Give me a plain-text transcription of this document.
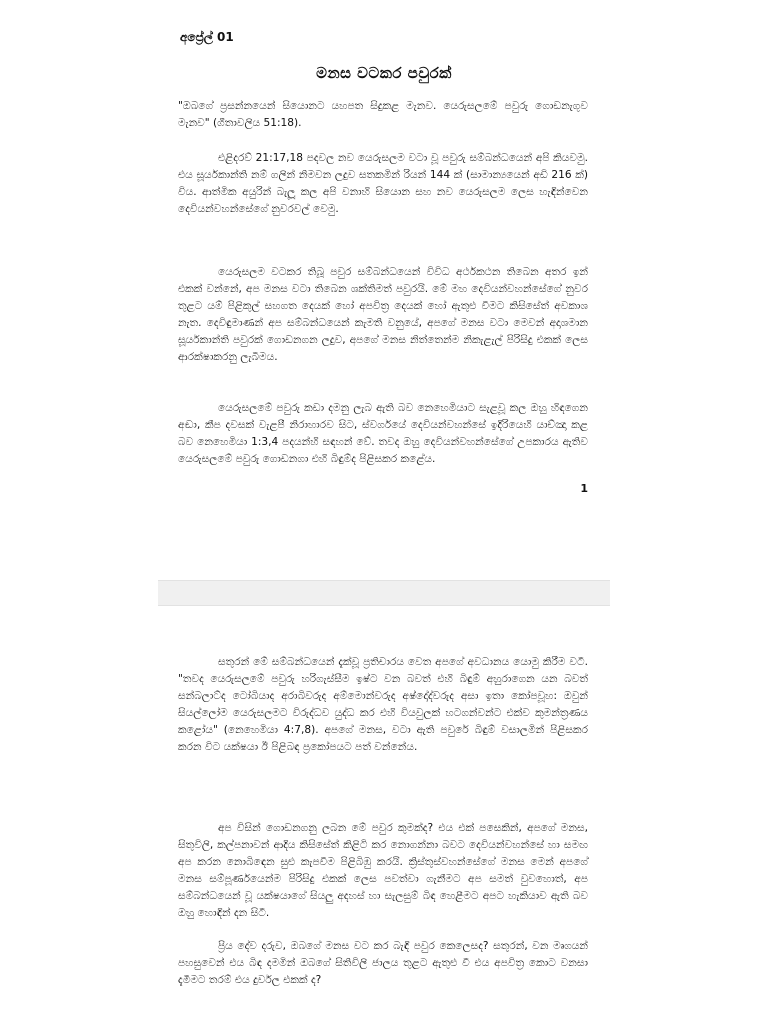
අප්‍රේල් 01
මනස වටකර පවුරක්

"ඔබගේ ප්‍රසන්නයෙන් සියොනට යහපත සිදුකළ මැනව. යෙරුසලමේ පවුරු ගොඩනැගුව මැනව" (ගීතාවලිය 51:18).

එළිදරව් 21:17,18 පදවල නව යෙරුසලම වටා වූ පවුරු සම්බන්ධයෙන් අපි කියවමු. එය සූර්යකාන්ති නම් ගලින් නිමවන ලදුව සතකමින් රියන් 144 ක් (සාමාන්‍යයෙන් අඩි 216 ක්) විය. ආත්මික අයුරින් බැලූ කල අපි වනාහි සියොන සහ නව යෙරුසලම ලෙස හැඳින්වෙන දෙවියන්වහන්සේගේ නුවරවල් වෙමු.

යෙරුසලම වටකර තිබූ පවුර සම්බන්ධයෙන් විවිධ අර්ථකථන තිබෙන අතර ඉන් එකක් වන්නේ, අප මනස වටා තිබෙන ශක්තිමත් පවුරයි. මේ මහ දෙවියන්වහන්සේගේ නුවර තුළට යම් පිළිකුල් සහගත දෙයක් හෝ අපවිත්‍ර දෙයක් හෝ ඇතුළු වීමට කිසිසේත් අවකාශ නැත. දෙවිඳුමාණන් අප සම්බන්ධයෙන් කැමති වනුයේ, අපගේ මනස වටා මෙවන් අදාශමාන සූර්යකාන්ති පවුරක් ගොඩනගන ලදුව, අපගේ මනස නිත්තෙන්ම නිකැළැල් පිරිසිදු එකක් ලෙස ආරක්ෂාකරනු ලැබීමය.

යෙරුසලමේ පවුරු කඩා දමනු ලැබ ඇති බව නෙහෙමියාට සැළවූ කල ඔහු හිඳගෙන අඬා, කීප දවසක් වැළපී නිරාහාරව සිට, ස්වර්ගයේ දෙවියන්වහන්සේ ඉදිරියෙහි යාච්ඤා කළ බව නෙහෙමියා 1:3,4 පදයන්හි සඳහන් වේ. තවද ඔහු දෙවියන්වහන්සේගේ උපකාරය ඇතිව යෙරුසලමේ පවුරු ගොඩනගා එහි බිඳුම්ද පිළිසකර කළේය.

1

සතුරන් මේ සම්බන්ධයෙන් දැක්වූ ප්‍රතිචාරය වෙත අපගේ අවධානය යොමු කිරීම වටී. "තවද යෙරුසලමේ පවුරු හරිගැස්සීම ඉෂ්ට වන බවත් එහි බිඳුම් අහුරාගෙන යන බවත් සන්බලාට්ද ටෝබියාද අරාබිවරුද අම්මොන්වරුද අෂ්දෝද්වරුද අසා ඉතා කෝපවූහ: ඔවුන් සියල්ලෝම යෙරුසලමට විරුද්ධව යුද්ධ කර එහි වියවුලක් හටගන්වන්ට එක්ව කුමන්ත්‍රණය කළෝය" (නෙහෙමියා 4:7,8). අපගේ මනස, වටා ඇති පවුරේ බිඳුම් වසාලමින් පිළිසකර කරන විට යක්ෂයා ඊ පිළිබඳ ප්‍රකෝපයට පත් වන්නේය.

අප විසින් ගොඩනගනු ලබන මේ පවුර කුමක්ද? එය එක් පසෙකින්, අපගේ මනස, සිතුවිලි, කල්පනාවන් ආදිය කිසිසේත් කිළිටි කර නොගන්නා බවට දෙවියන්වහන්සේ හා සමඟ අප කරන නොබිඳෙන සුළු කැපවීම පිළිබිඹු කරයි. ක්‍රිස්තුස්වහන්සේගේ මනස මෙන් අපගේ මනස සම්පූර්ණයෙන්ම පිරිසිදු එකක් ලෙස පවත්වා ගැනීමට අප සමත් වුවහොත්, අප සම්බන්ධයෙන් වූ යක්ෂයාගේ සියලු අදහස් හා සැලසුම් බිඳ හෙළීමට අපට හැකියාව ඇති බව ඔහු හොඳින් දන සිටී.

ප්‍රිය දේව දරුව, ඔබගේ මනස වට කර බැඳි පවුර කෙලෙසද? සතුරන්, වන මෘගයන් පහසුවෙන් එය බිඳ දමමින් ඔබගේ සිතිවිලි ජාලය තුළට ඇතුළු වී එය අපවිත්‍ර කොට වනසා දැමීමට තරම් එය දුර්වල එකක් ද?
